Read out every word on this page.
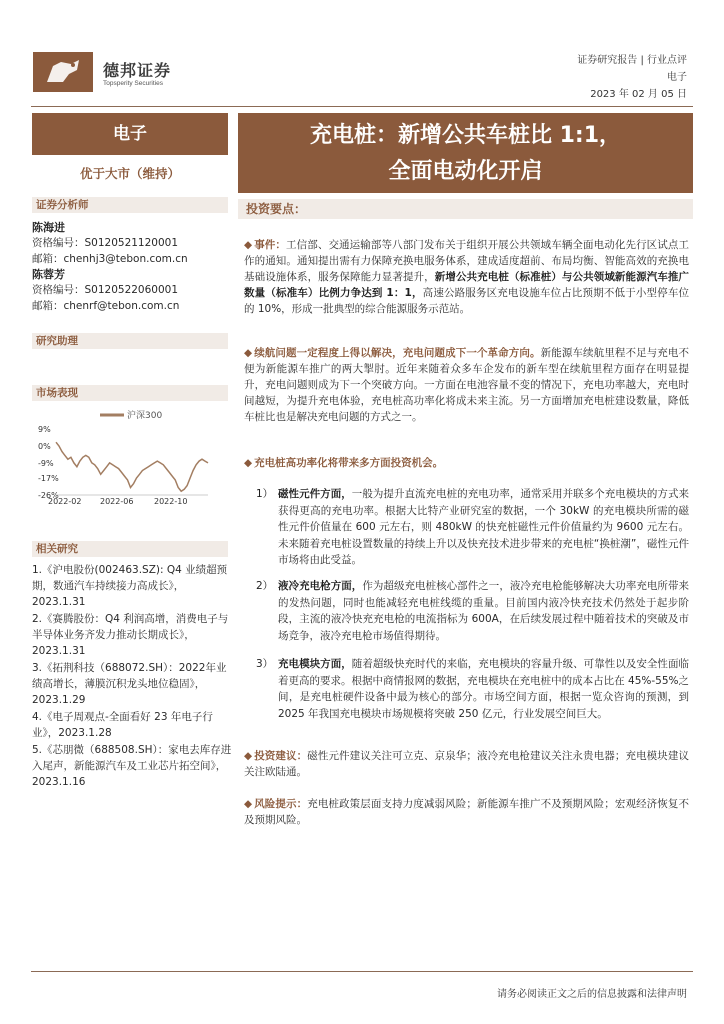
德邦证券
Topsperity Securities
证券研究报告 | 行业点评
电子
2023 年 02 月 05 日
电子
优于大市（维持）
证券分析师
陈海进
资格编号：S0120521120001
邮箱：chenhj3@tebon.com.cn
陈蓉芳
资格编号：S0120522060001
邮箱：chenrf@tebon.com.cn
研究助理
市场表现
沪深300
9%
0%
-9%
-17%
-26%
2022-02 2022-06	2022-10
相关研究
1.《沪电股份(002463.SZ): Q4 业绩超预期，数通汽车持续接力高成长》，2023.1.31
2.《赛腾股份：Q4 利润高增，消费电子与半导体业务齐发力推动长期成长》，2023.1.31
3.《拓荆科技（688072.SH）：2022年业绩高增长，薄膜沉积龙头地位稳固》，2023.1.29
4.《电子周观点-全面看好 23 年电子行业》，2023.1.28
5.《芯朋微（688508.SH）：家电去库存进入尾声，新能源汽车及工业芯片拓空间》，2023.1.16
充电桩：新增公共车桩比 1:1，
全面电动化开启
投资要点：
◆ 事件：工信部、交通运输部等八部门发布关于组织开展公共领域车辆全面电动化先行区试点工作的通知。通知提出需有力保障充换电服务体系，建成适度超前、布局均衡、智能高效的充换电基础设施体系，服务保障能力显著提升，新增公共充电桩（标准桩）与公共领域新能源汽车推广数量（标准车）比例力争达到 1：1，高速公路服务区充电设施车位占比预期不低于小型停车位的 10%，形成一批典型的综合能源服务示范站。
◆ 续航问题一定程度上得以解决，充电问题成下一个革命方向。新能源车续航里程不足与充电不便为新能源车推广的两大掣肘。近年来随着众多车企发布的新车型在续航里程方面存在明显提升，充电问题则成为下一个突破方向。一方面在电池容量不变的情况下，充电功率越大，充电时间越短，为提升充电体验，充电桩高功率化将成未来主流。另一方面增加充电桩建设数量，降低车桩比也是解决充电问题的方式之一。
◆ 充电桩高功率化将带来多方面投资机会。
1） 磁性元件方面，一般为提升直流充电桩的充电功率，通常采用并联多个充电模块的方式来获得更高的充电功率。根据大比特产业研究室的数据，一个 30kW 的充电模块所需的磁性元件价值量在 600 元左右，则 480kW 的快充桩磁性元件价值量约为 9600 元左右。未来随着充电桩设置数量的持续上升以及快充技术进步带来的充电桩“换桩潮”，磁性元件市场将由此受益。
2） 液冷充电枪方面，作为超级充电桩核心部件之一，液冷充电枪能够解决大功率充电所带来的发热问题，同时也能减轻充电桩线缆的重量。目前国内液冷快充技术仍然处于起步阶段，主流的液冷快充充电枪的电流指标为 600A，在后续发展过程中随着技术的突破及市场竞争，液冷充电枪市场值得期待。
3） 充电模块方面，随着超级快充时代的来临，充电模块的容量升级、可靠性以及安全性面临着更高的要求。根据中商情报网的数据，充电模块在充电桩中的成本占比在 45%-55%之间，是充电桩硬件设备中最为核心的部分。市场空间方面，根据一览众咨询的预测，到 2025 年我国充电模块市场规模将突破 250 亿元，行业发展空间巨大。
◆ 投资建议：磁性元件建议关注可立克、京泉华；液冷充电枪建议关注永贵电器；充电模块建议关注欧陆通。
◆ 风险提示：充电桩政策层面支持力度减弱风险；新能源车推广不及预期风险；宏观经济恢复不及预期风险。
请务必阅读正文之后的信息披露和法律声明
